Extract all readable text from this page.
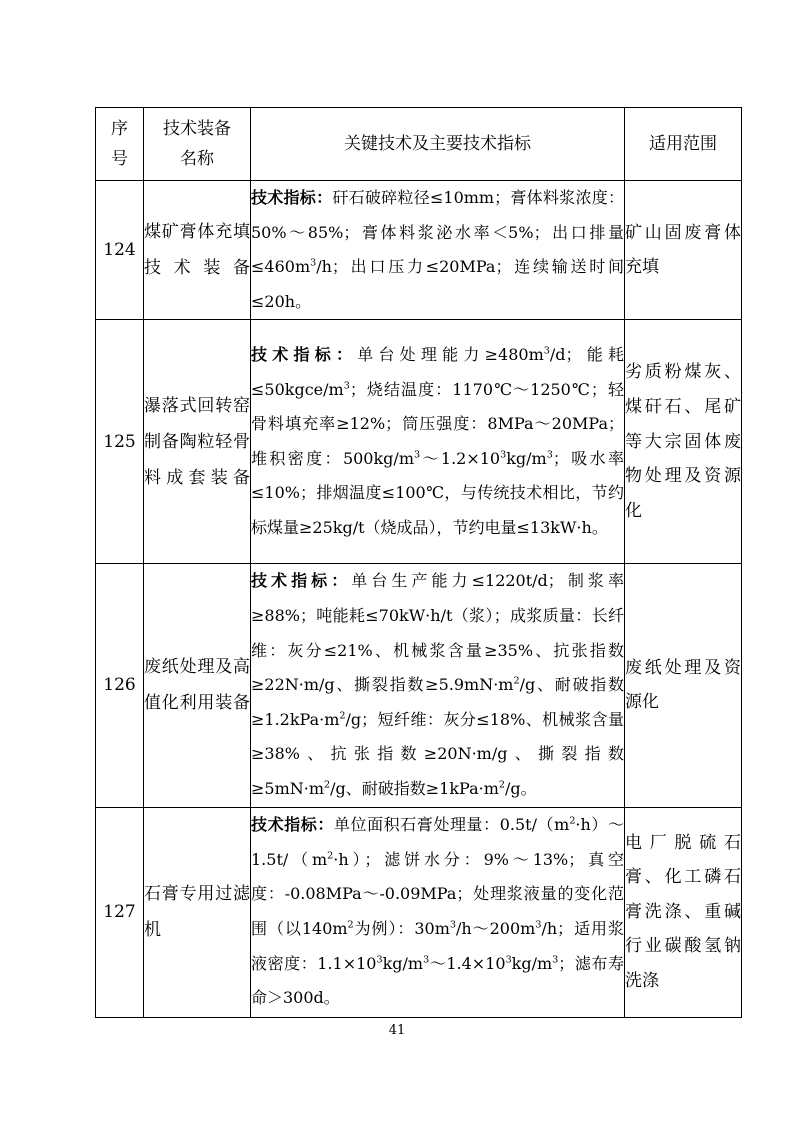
序号	技术装备名称	关键技术及主要技术指标	适用范围
124	煤矿膏体充填技术装备	技术指标：矸石破碎粒径≤10mm；膏体料浆浓度：50%～85%；膏体料浆泌水率＜5%；出口排量$\le 460m^3/h$；出口压力≤20MPa；连续输送时间≤20h。	矿山固废膏体充填
125	瀑落式回转窑制备陶粒轻骨料成套装备	技术指标：单台处理能力$\ge 480m^3/d$；能耗$\le 50kgce/m^3$；烧结温度：1170℃～1250℃；轻骨料填充率≥12%；筒压强度：8MPa～20MPa；堆积密度：$500kg/m^3\sim 1.2\times 10^3kg/m^3$；吸水率≤10%；排烟温度≤100℃，与传统技术相比，节约标煤量≥25kg/t（烧成品），节约电量≤13kW·h。	劣质粉煤灰、煤矸石、尾矿等大宗固体废物处理及资源化
126	废纸处理及高值化利用装备	技术指标：单台生产能力≤1220t/d；制浆率≥88%；吨能耗≤70kW·h/t（浆）；成浆质量：长纤维：灰分≤21%、机械浆含量≥35%、抗张指数≥22N·m/g、撕裂指数$\ge 5.9mN\cdot m^2/g$、耐破指数$\ge 1.2kPa\cdot m^2/g$；短纤维：灰分≤18%、机械浆含量≥38%、抗张指数≥20N·m/g、撕裂指数$\ge 5mN\cdot m^2/g$、耐破指数$\ge 1kPa\cdot m^2/g$。	废纸处理及资源化
127	石膏专用过滤机	技术指标：单位面积石膏处理量：$0.5t/(m^2\cdot h)\sim 1.5t/(m^2\cdot h)$；滤饼水分：9%～13%；真空度：-0.08MPa～-0.09MPa；处理浆液量的变化范围（以$140m^2$为例）：$30m^3/h\sim 200m^3/h$；适用浆液密度：$1.1\times 10^3kg/m^3\sim 1.4\times 10^3kg/m^3$；滤布寿命＞300d。	电厂脱硫石膏、化工磷石膏洗涤、重碱行业碳酸氢钠洗涤
41
